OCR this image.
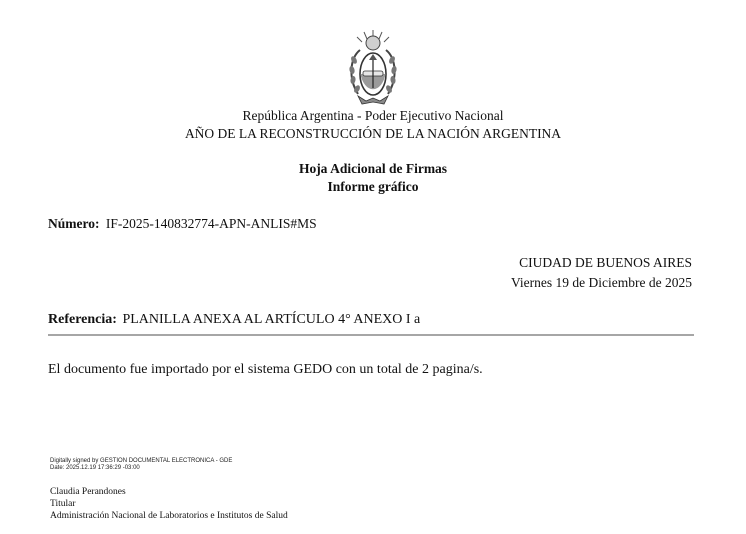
República Argentina - Poder Ejecutivo Nacional
AÑO DE LA RECONSTRUCCIÓN DE LA NACIÓN ARGENTINA
Hoja Adicional de Firmas
Informe gráfico
Número: IF-2025-140832774-APN-ANLIS#MS
CIUDAD DE BUENOS AIRES
Viernes 19 de Diciembre de 2025
Referencia: PLANILLA ANEXA AL ARTÍCULO 4° ANEXO I a
El documento fue importado por el sistema GEDO con un total de 2 pagina/s.
Digitally signed by GESTION DOCUMENTAL ELECTRONICA - GDE
Date: 2025.12.19 17:36:29 -03:00
Claudia Perandones
Titular
Administración Nacional de Laboratorios e Institutos de Salud
